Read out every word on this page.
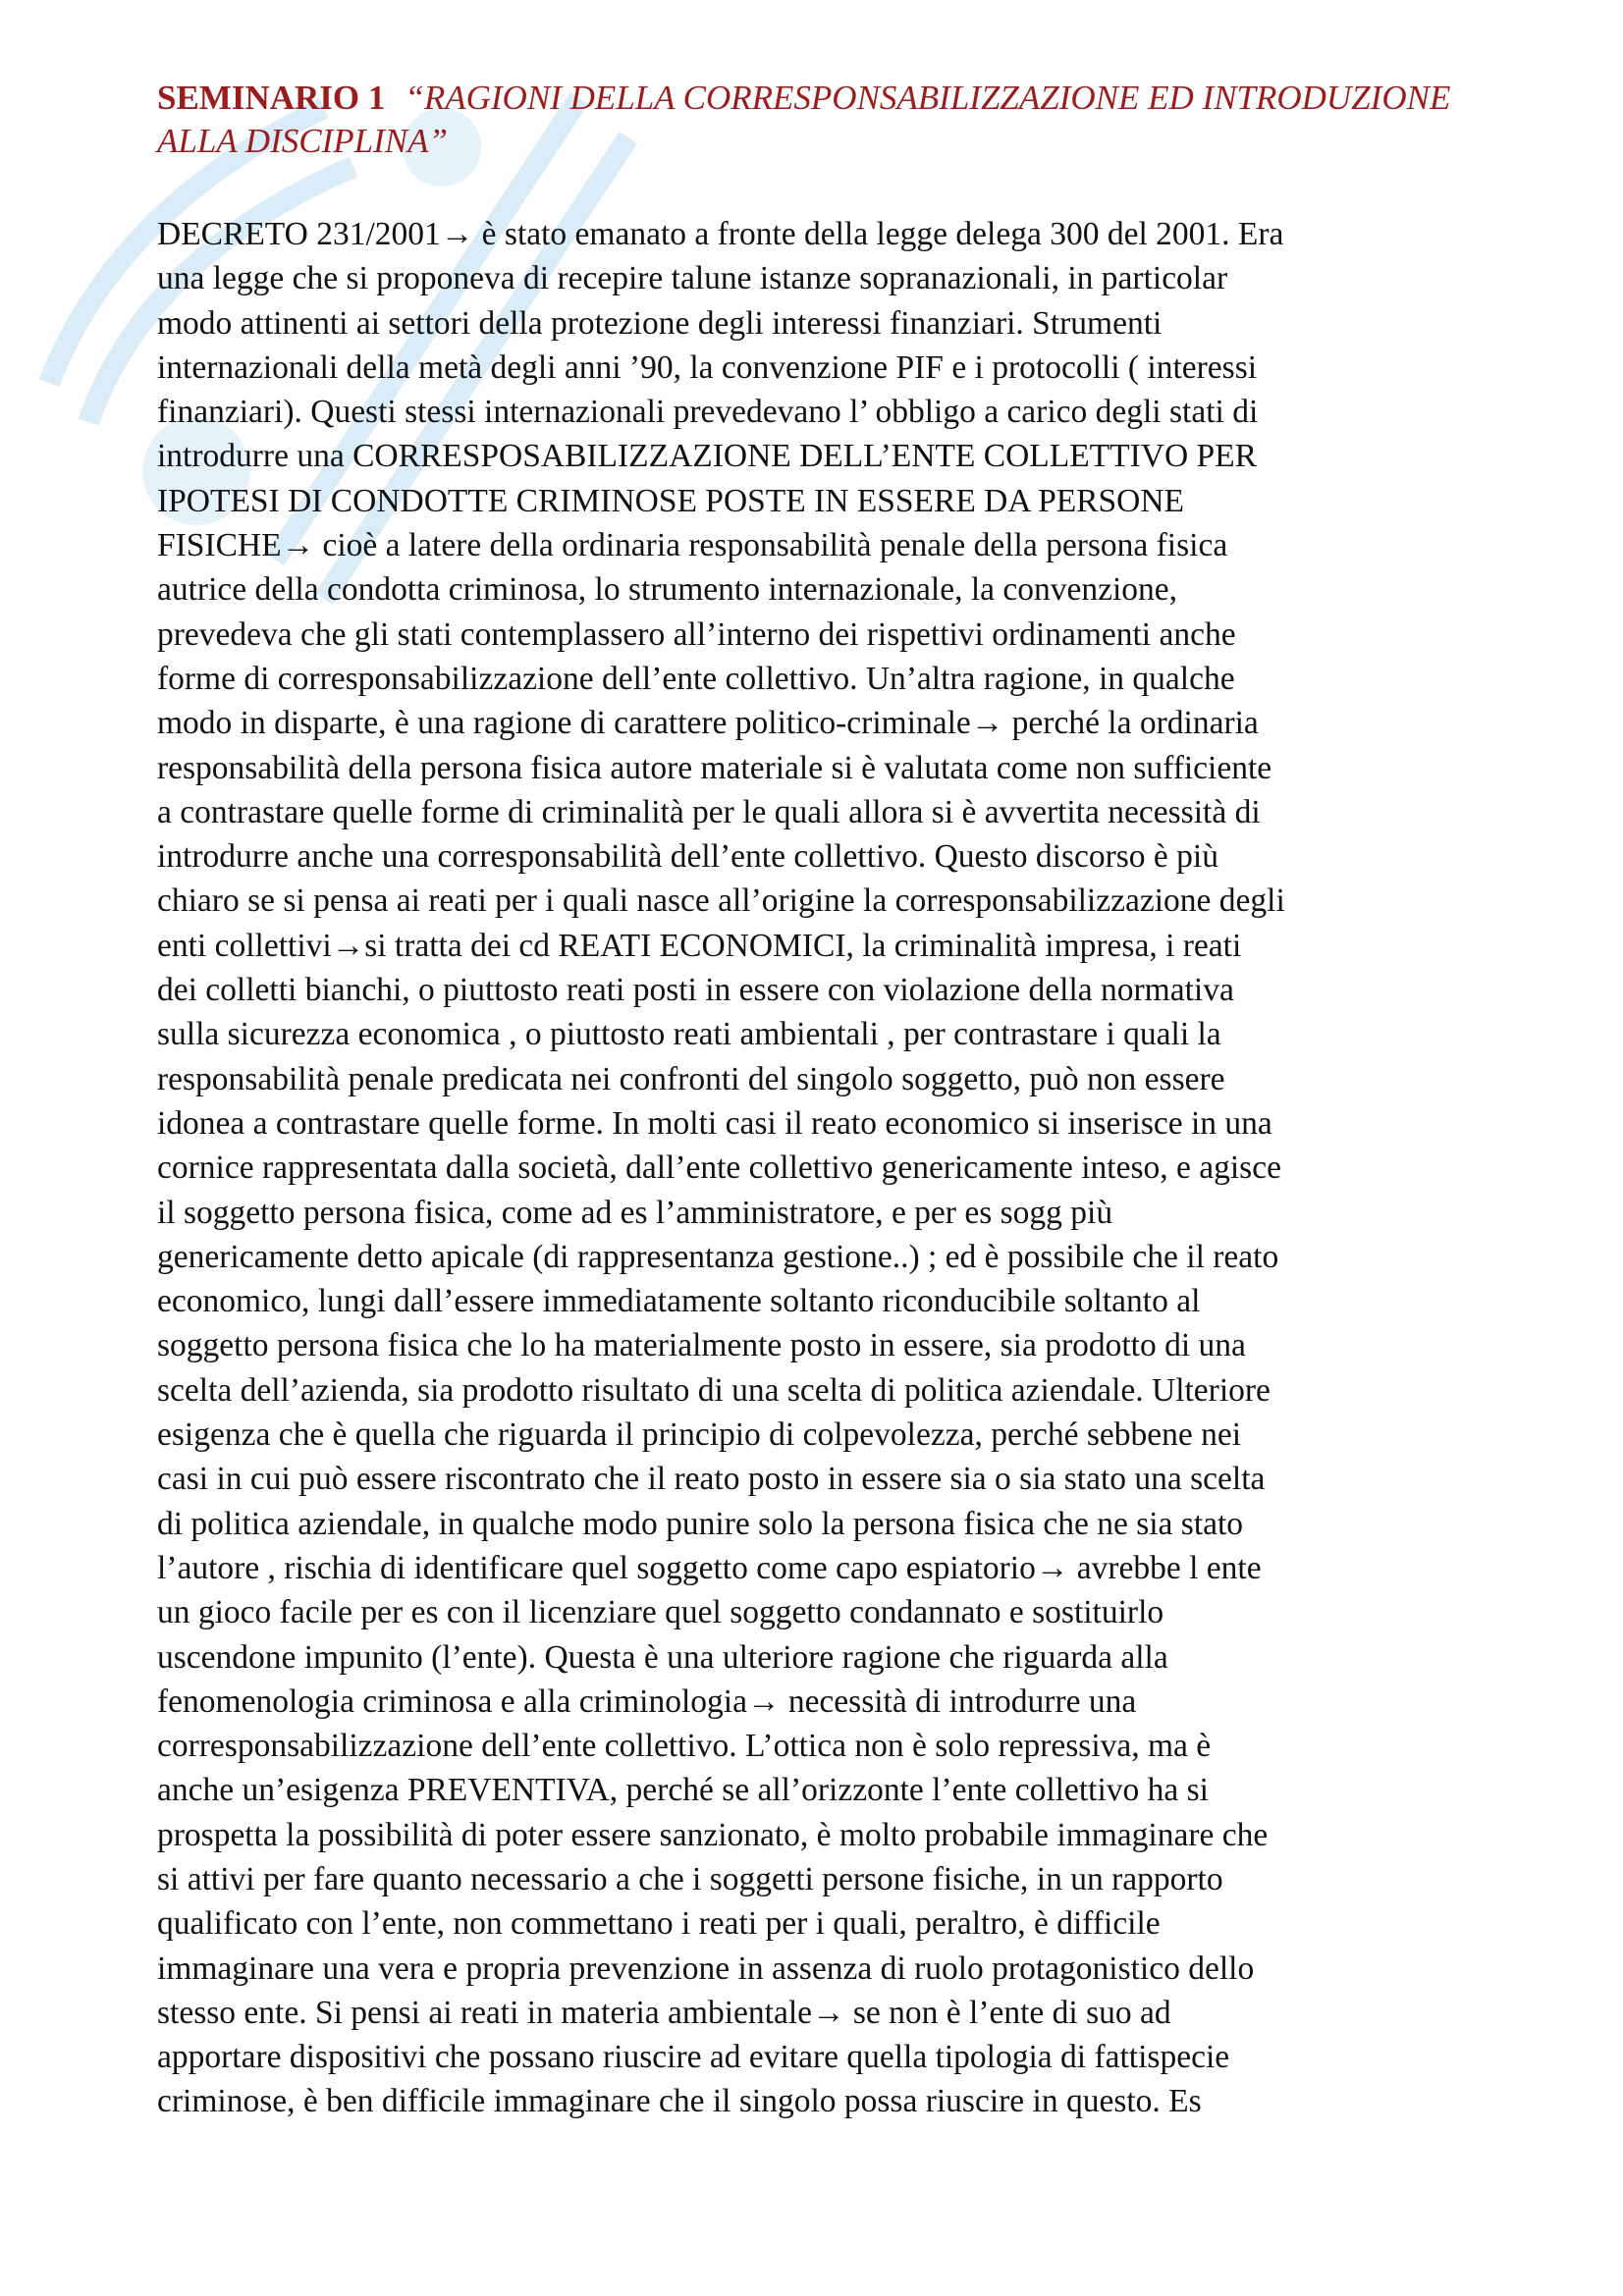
SEMINARIO 1 “RAGIONI DELLA CORRESPONSABILIZZAZIONE ED INTRODUZIONE ALLA DISCIPLINA”
DECRETO 231/2001→ è stato emanato a fronte della legge delega 300 del 2001. Era
una legge che si proponeva di recepire talune istanze sopranazionali, in particolar
modo attinenti ai settori della protezione degli interessi finanziari. Strumenti
internazionali della metà degli anni ’90, la convenzione PIF e i protocolli ( interessi
finanziari). Questi stessi internazionali prevedevano l’ obbligo a carico degli stati di
introdurre una CORRESPOSABILIZZAZIONE DELL’ENTE COLLETTIVO PER
IPOTESI DI CONDOTTE CRIMINOSE POSTE IN ESSERE DA PERSONE
FISICHE→ cioè a latere della ordinaria responsabilità penale della persona fisica
autrice della condotta criminosa, lo strumento internazionale, la convenzione,
prevedeva che gli stati contemplassero all’interno dei rispettivi ordinamenti anche
forme di corresponsabilizzazione dell’ente collettivo. Un’altra ragione, in qualche
modo in disparte, è una ragione di carattere politico-criminale→ perché la ordinaria
responsabilità della persona fisica autore materiale si è valutata come non sufficiente
a contrastare quelle forme di criminalità per le quali allora si è avvertita necessità di
introdurre anche una corresponsabilità dell’ente collettivo. Questo discorso è più
chiaro se si pensa ai reati per i quali nasce all’origine la corresponsabilizzazione degli
enti collettivi→si tratta dei cd REATI ECONOMICI, la criminalità impresa, i reati
dei colletti bianchi, o piuttosto reati posti in essere con violazione della normativa
sulla sicurezza economica , o piuttosto reati ambientali , per contrastare i quali la
responsabilità penale predicata nei confronti del singolo soggetto, può non essere
idonea a contrastare quelle forme. In molti casi il reato economico si inserisce in una
cornice rappresentata dalla società, dall’ente collettivo genericamente inteso, e agisce
il soggetto persona fisica, come ad es l’amministratore, e per es sogg più
genericamente detto apicale (di rappresentanza gestione..) ; ed è possibile che il reato
economico, lungi dall’essere immediatamente soltanto riconducibile soltanto al
soggetto persona fisica che lo ha materialmente posto in essere, sia prodotto di una
scelta dell’azienda, sia prodotto risultato di una scelta di politica aziendale. Ulteriore
esigenza che è quella che riguarda il principio di colpevolezza, perché sebbene nei
casi in cui può essere riscontrato che il reato posto in essere sia o sia stato una scelta
di politica aziendale, in qualche modo punire solo la persona fisica che ne sia stato
l’autore , rischia di identificare quel soggetto come capo espiatorio→ avrebbe l ente
un gioco facile per es con il licenziare quel soggetto condannato e sostituirlo
uscendone impunito (l’ente). Questa è una ulteriore ragione che riguarda alla
fenomenologia criminosa e alla criminologia→ necessità di introdurre una
corresponsabilizzazione dell’ente collettivo. L’ottica non è solo repressiva, ma è
anche un’esigenza PREVENTIVA, perché se all’orizzonte l’ente collettivo ha si
prospetta la possibilità di poter essere sanzionato, è molto probabile immaginare che
si attivi per fare quanto necessario a che i soggetti persone fisiche, in un rapporto
qualificato con l’ente, non commettano i reati per i quali, peraltro, è difficile
immaginare una vera e propria prevenzione in assenza di ruolo protagonistico dello
stesso ente. Si pensi ai reati in materia ambientale→ se non è l’ente di suo ad
apportare dispositivi che possano riuscire ad evitare quella tipologia di fattispecie
criminose, è ben difficile immaginare che il singolo possa riuscire in questo. Es
